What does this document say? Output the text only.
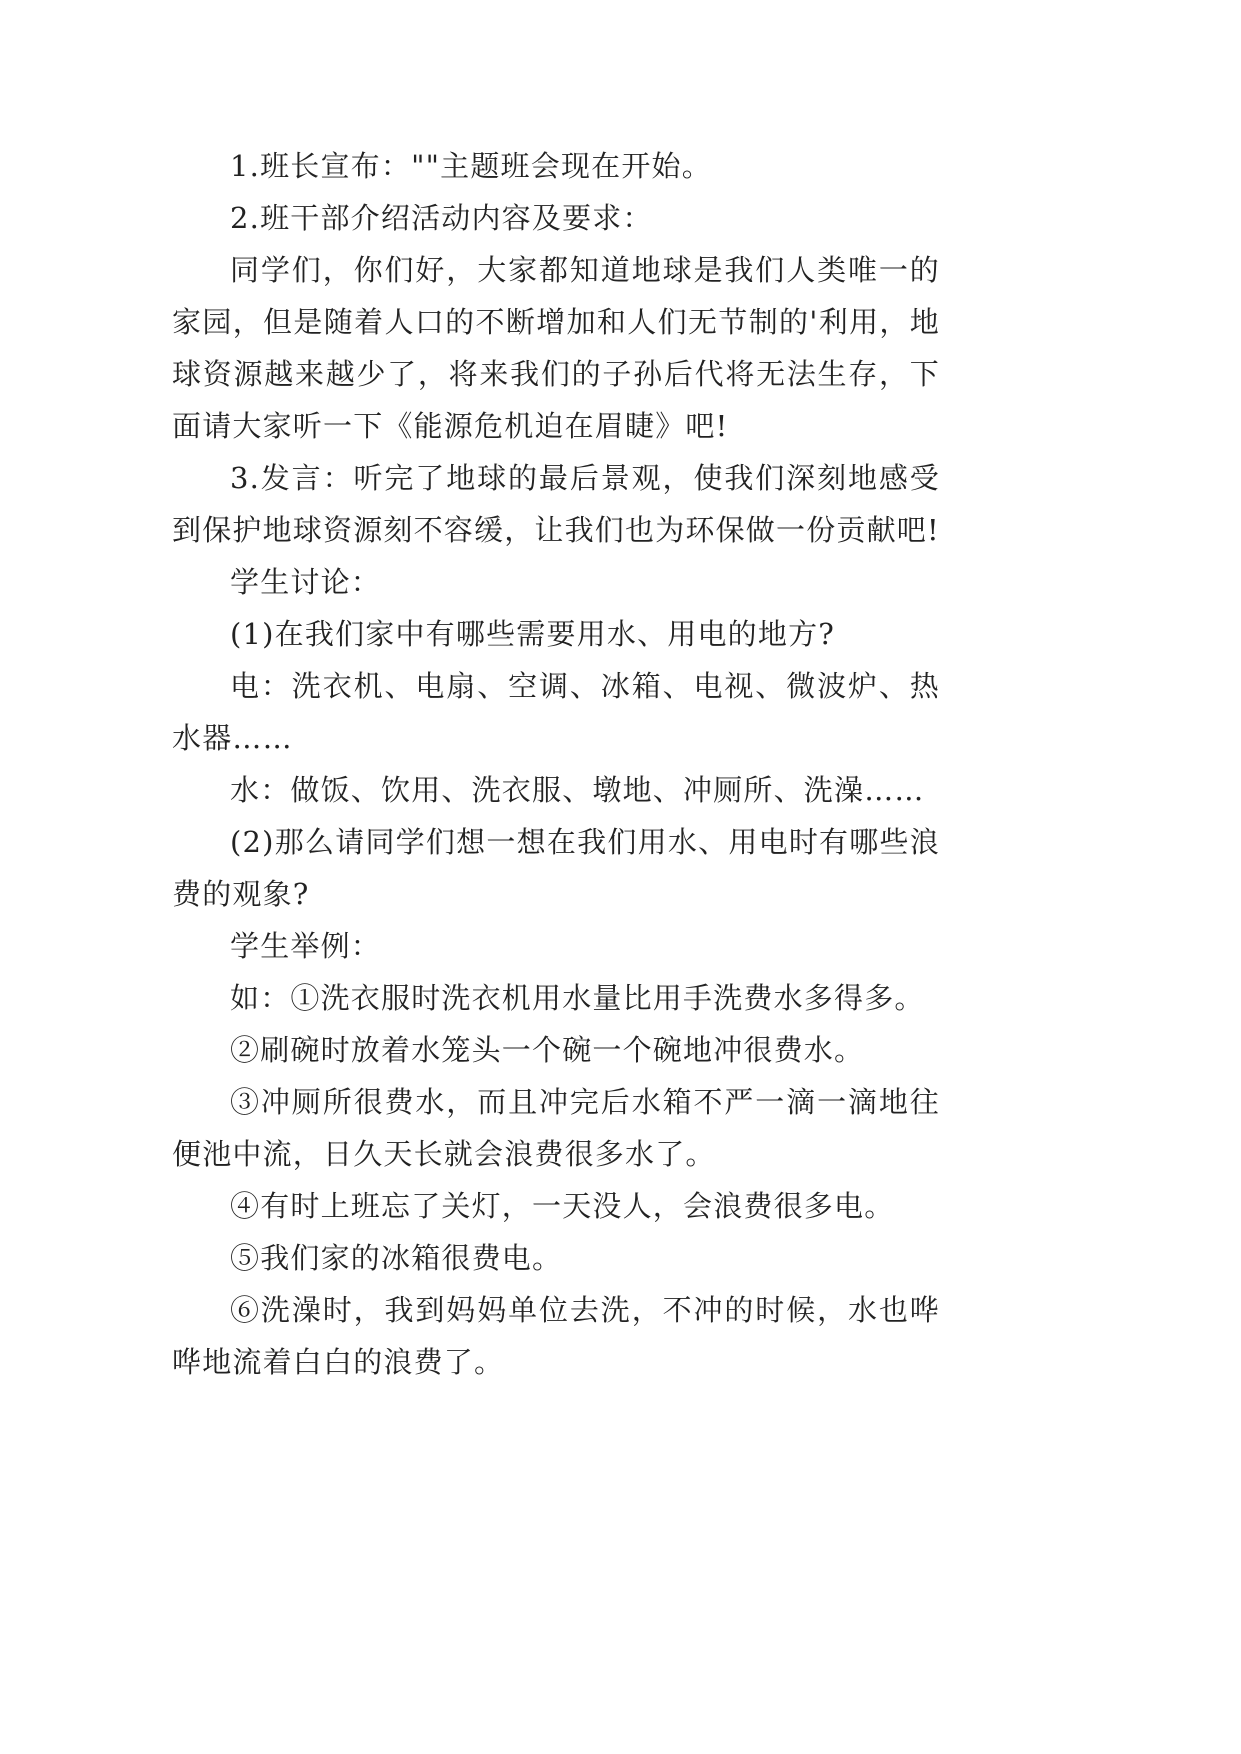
1.班长宣布：""主题班会现在开始。

2.班干部介绍活动内容及要求：

同学们，你们好，大家都知道地球是我们人类唯一的家园，但是随着人口的不断增加和人们无节制的'利用，地球资源越来越少了，将来我们的子孙后代将无法生存，下面请大家听一下《能源危机迫在眉睫》吧!

3.发言：听完了地球的最后景观，使我们深刻地感受到保护地球资源刻不容缓，让我们也为环保做一份贡献吧!

学生讨论：

(1)在我们家中有哪些需要用水、用电的地方?

电：洗衣机、电扇、空调、冰箱、电视、微波炉、热水器……

水：做饭、饮用、洗衣服、墩地、冲厕所、洗澡……

(2)那么请同学们想一想在我们用水、用电时有哪些浪费的观象?

学生举例：

如：①洗衣服时洗衣机用水量比用手洗费水多得多。

②刷碗时放着水笼头一个碗一个碗地冲很费水。

③冲厕所很费水，而且冲完后水箱不严一滴一滴地往便池中流，日久天长就会浪费很多水了。

④有时上班忘了关灯，一天没人，会浪费很多电。

⑤我们家的冰箱很费电。

⑥洗澡时，我到妈妈单位去洗，不冲的时候，水也哗哗地流着白白的浪费了。
